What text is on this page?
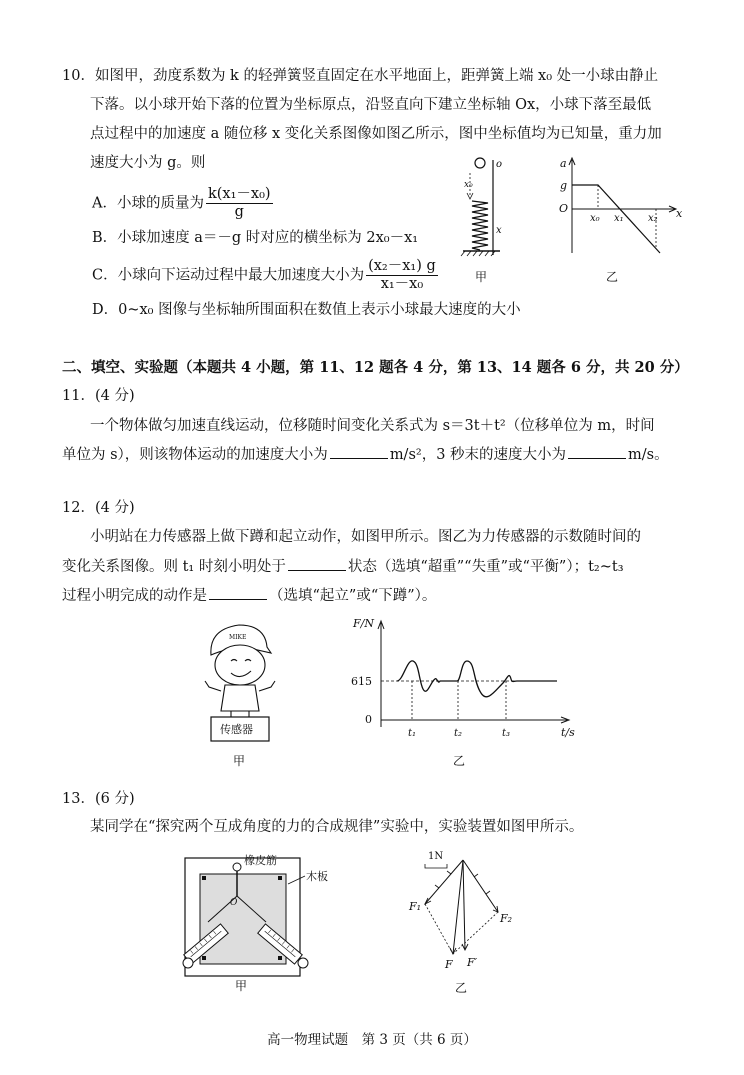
10．如图甲，劲度系数为 k 的轻弹簧竖直固定在水平地面上，距弹簧上端 x₀ 处一小球由静止
下落。以小球开始下落的位置为坐标原点，沿竖直向下建立坐标轴 Ox，小球下落至最低
点过程中的加速度 a 随位移 x 变化关系图像如图乙所示，图中坐标值均为已知量，重力加
速度大小为 g。则
A．小球的质量为 $\frac{\text{k(x₁－x₀)}}{g}$
B．小球加速度 a＝－g 时对应的横坐标为 2x₀－x₁
C．小球向下运动过程中最大加速度大小为 $\frac{\text{(x₂－x₁) g}}{\text{x₁－x₀}}$
D．0~x₀ 图像与坐标轴所围面积在数值上表示小球最大速度的大小
o
x
x₀
甲
a
g
O
x₀ x₁ x₂ x
乙
二、填空、实验题（本题共 4 小题，第 11、12 题各 4 分，第 13、14 题各 6 分，共 20 分）
11．(4 分)
一个物体做匀加速直线运动，位移随时间变化关系式为 s＝3t＋t²（位移单位为 m，时间
单位为 s），则该物体运动的加速度大小为	m/s²，3 秒末的速度大小为	m/s。
12．(4 分)
小明站在力传感器上做下蹲和起立动作，如图甲所示。图乙为力传感器的示数随时间的
变化关系图像。则 t₁ 时刻小明处于	状态（选填“超重”“失重”或“平衡”）；t₂~t₃
过程小明完成的动作是	（选填“起立”或“下蹲”）。
MIKE
传感器
甲
F/N
615
0
t₁	t₂	t₃	t/s
乙
13．(6 分)
某同学在“探究两个互成角度的力的合成规律”实验中，实验装置如图甲所示。
橡皮筋
木板
O
甲
1N
F₁
F₂
F F′
乙
高一物理试题　第 3 页（共 6 页）
